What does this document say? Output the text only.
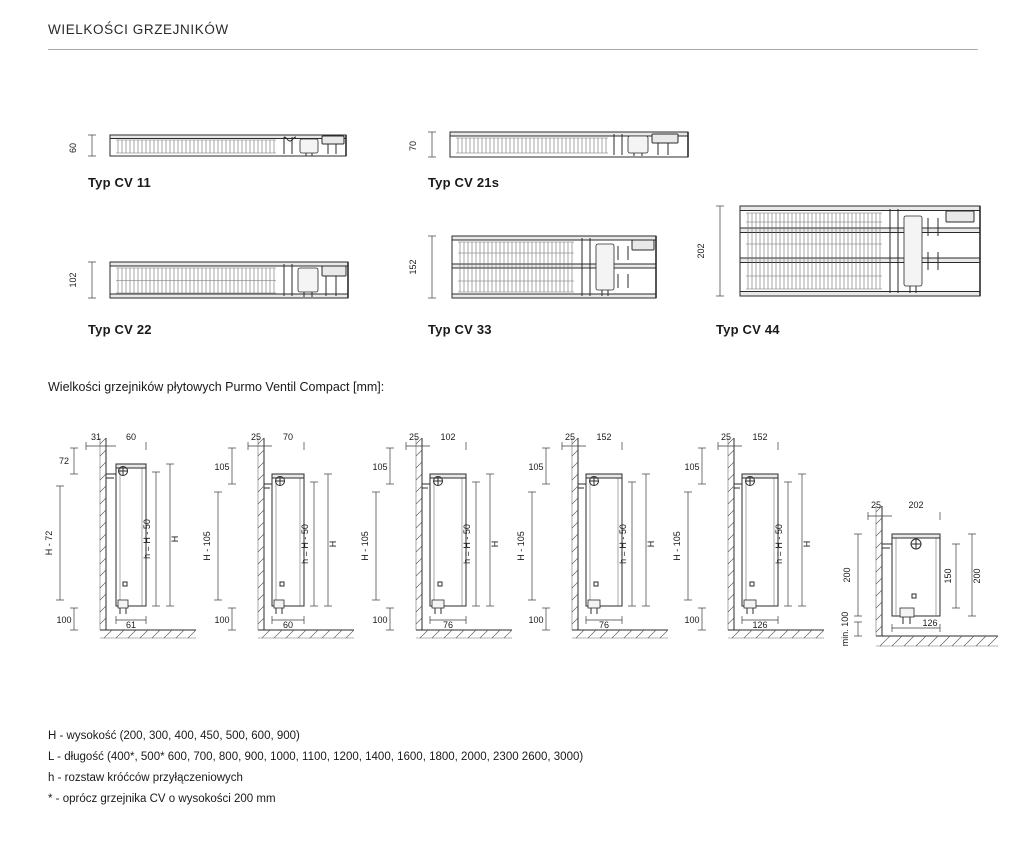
WIELKOŚCI GRZEJNIKÓW
60
Typ CV 11
70
Typ CV 21s
102
Typ CV 22
152
Typ CV 33
202
Typ CV 44
Wielkości grzejników płytowych Purmo Ventil Compact [mm]:
31	60
72
H - 72
100	61
h = H - 50 H
25 70
105
H - 105
100	60
h = H - 50 H
25 102
105
H - 105
100	76
h = H - 50 H
25 152
105
H - 105
100	76
h = H - 50 H
25 152
105
H - 105
100	126
h = H - 50 H
25	202
200
min. 100
150 200
126
H - wysokość (200, 300, 400, 450, 500, 600, 900)
L - długość (400*, 500* 600, 700, 800, 900, 1000, 1100, 1200, 1400, 1600, 1800, 2000, 2300 2600, 3000)
h - rozstaw króćców przyłączeniowych
* - oprócz grzejnika CV o wysokości 200 mm
